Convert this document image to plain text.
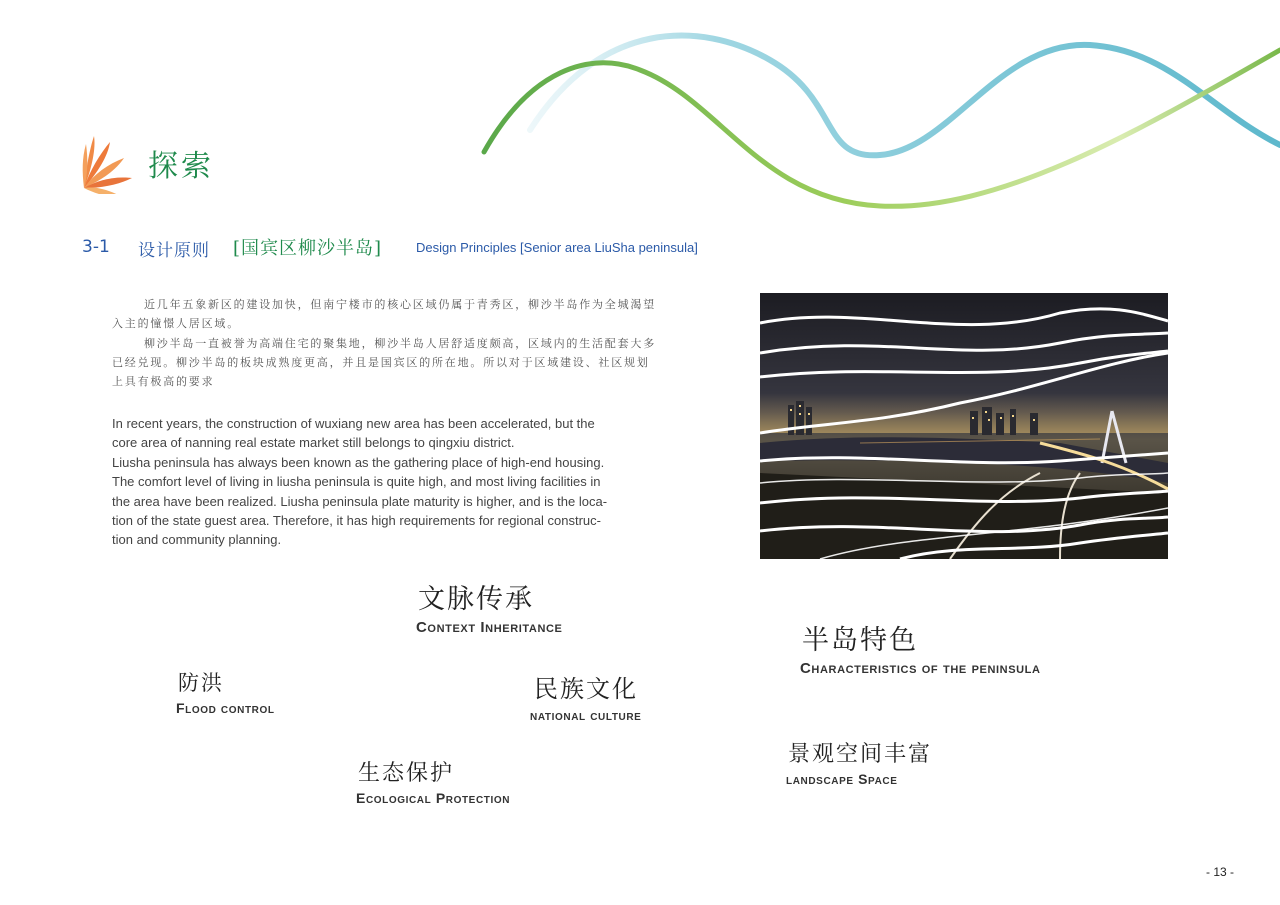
探索
3-1 设计原则 [国宾区柳沙半岛]	Design Principles [Senior area LiuSha peninsula]

近几年五象新区的建设加快，但南宁楼市的核心区域仍属于青秀区，柳沙半岛作为全城渴望入主的憧憬人居区域。

柳沙半岛一直被誉为高端住宅的聚集地，柳沙半岛人居舒适度颇高，区域内的生活配套大多已经兑现。柳沙半岛的板块成熟度更高，并且是国宾区的所在地。所以对于区域建设、社区规划上具有极高的要求

In recent years, the construction of wuxiang new area has been accelerated, but the

core area of nanning real estate market still belongs to qingxiu district.

Liusha peninsula has always been known as the gathering place of high-end housing.

The comfort level of living in liusha peninsula is quite high, and most living facilities in

the area have been realized. Liusha peninsula plate maturity is higher, and is the loca-

tion of the state guest area. Therefore, it has high requirements for regional construc-

tion and community planning.

文脉传承
Context Inheritance	半岛特色
Characteristics of the peninsula
防洪
Flood control
民族文化
national culture
景观空间丰富
landscape Space
生态保护
Ecological Protection
- 13 -
